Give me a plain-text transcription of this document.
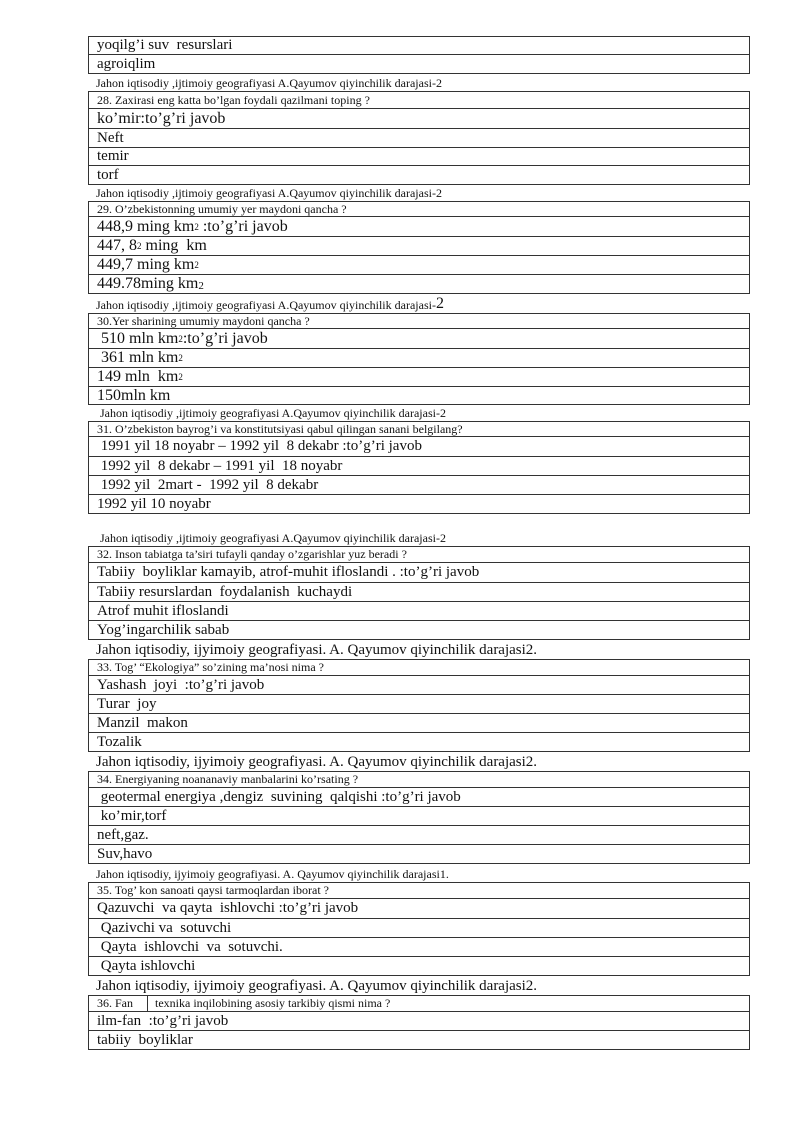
yoqilg’i suv  resurslari
agroiqlim
Jahon iqtisodiy ,ijtimoiy geografiyasi A.Qayumov qiyinchilik darajasi-2
28. Zaxirasi eng katta bo’lgan foydali qazilmani toping ?
ko’mir:to’g’ri javob
Neft
temir
torf
Jahon iqtisodiy ,ijtimoiy geografiyasi A.Qayumov qiyinchilik darajasi-2
29. O’zbekistonning umumiy yer maydoni qancha ?
448,9 ming km 2 :to’g’ri javob
447, 8 2 ming  km
449,7 ming km 2
449.78ming km 2
Jahon iqtisodiy ,ijtimoiy geografiyasi A.Qayumov qiyinchilik darajasi- 2
30.Yer sharining umumiy maydoni qancha ?
510 mln km 2 :to’g’ri javob
361 mln km 2
149 mln  km 2
150mln km
Jahon iqtisodiy ,ijtimoiy geografiyasi A.Qayumov qiyinchilik darajasi-2
31. O’zbekiston bayrog’i va konstitutsiyasi qabul qilingan sanani belgilang?
1991 yil 18 noyabr – 1992 yil  8 dekabr :to’g’ri javob
1992 yil  8 dekabr – 1991 yil  18 noyabr
1992 yil  2mart -  1992 yil  8 dekabr
1992 yil 10 noyabr
Jahon iqtisodiy ,ijtimoiy geografiyasi A.Qayumov qiyinchilik darajasi-2
32. Inson tabiatga ta’siri tufayli qanday o’zgarishlar yuz beradi ?
Tabiiy  boyliklar kamayib, atrof-muhit ifloslandi . :to’g’ri javob
Tabiiy resurslardan  foydalanish  kuchaydi
Atrof muhit ifloslandi
Yog’ingarchilik sabab
Jahon iqtisodiy, ijyimoiy geografiyasi. A. Qayumov qiyinchilik darajasi2.
33. Tog’ “Ekologiya” so’zining ma’nosi nima ?
Yashash  joyi  :to’g’ri javob
Turar  joy
Manzil  makon
Tozalik
Jahon iqtisodiy, ijyimoiy geografiyasi. A. Qayumov qiyinchilik darajasi2.
34. Energiyaning noananaviy manbalarini ko’rsating ?
geotermal energiya ,dengiz  suvining  qalqishi :to’g’ri javob
ko’mir,torf
neft,gaz.
Suv,havo
Jahon iqtisodiy, ijyimoiy geografiyasi. A. Qayumov qiyinchilik darajasi1.
35. Tog’ kon sanoati qaysi tarmoqlardan iborat ?
Qazuvchi  va qayta  ishlovchi :to’g’ri javob
Qazivchi va  sotuvchi
Qayta  ishlovchi  va  sotuvchi.
Qayta ishlovchi
Jahon iqtisodiy, ijyimoiy geografiyasi. A. Qayumov qiyinchilik darajasi2.
36. Fan texnika inqilobining asosiy tarkibiy qismi nima ?
ilm-fan  :to’g’ri javob
tabiiy  boyliklar
